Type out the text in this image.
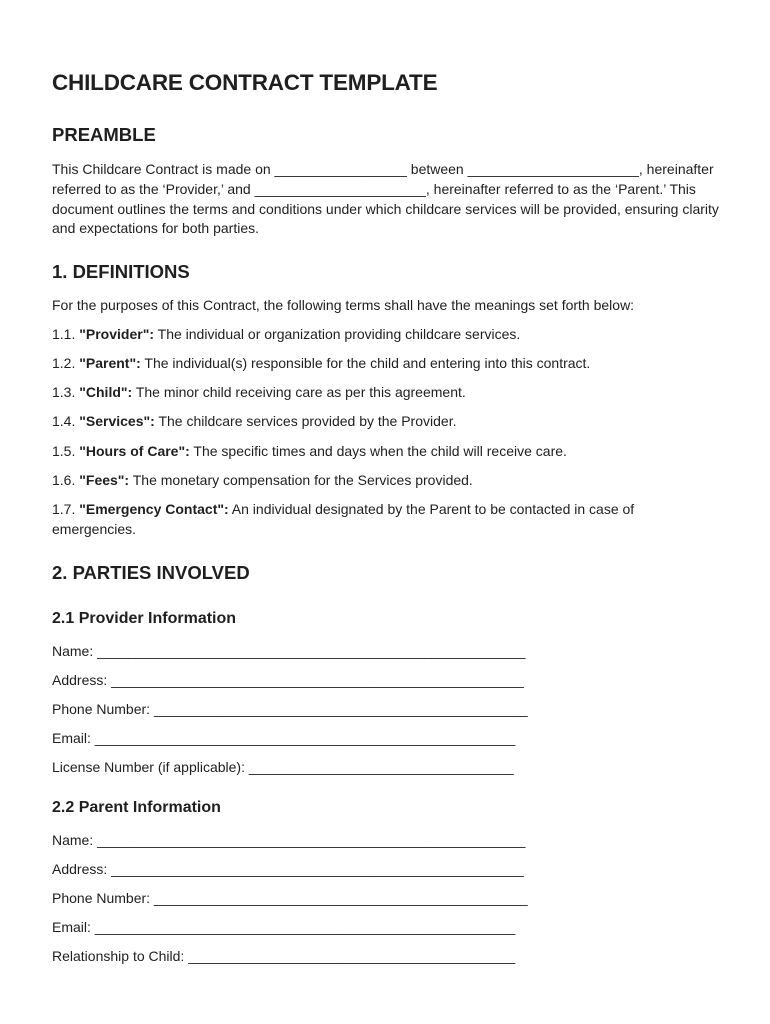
CHILDCARE CONTRACT TEMPLATE
PREAMBLE

This Childcare Contract is made on _________________ between ______________________, hereinafter referred to as the ‘Provider,’ and ______________________, hereinafter referred to as the ‘Parent.’ This document outlines the terms and conditions under which childcare services will be provided, ensuring clarity and expectations for both parties.

1. DEFINITIONS

For the purposes of this Contract, the following terms shall have the meanings set forth below:

1.1. "Provider": The individual or organization providing childcare services.

1.2. "Parent": The individual(s) responsible for the child and entering into this contract.

1.3. "Child": The minor child receiving care as per this agreement.

1.4. "Services": The childcare services provided by the Provider.

1.5. "Hours of Care": The specific times and days when the child will receive care.

1.6. "Fees": The monetary compensation for the Services provided.

1.7. "Emergency Contact": An individual designated by the Parent to be contacted in case of emergencies.

2. PARTIES INVOLVED
2.1 Provider Information

Name: _______________________________________________________

Address: _____________________________________________________

Phone Number: ________________________________________________

Email: ______________________________________________________

License Number (if applicable): __________________________________

2.2 Parent Information

Name: _______________________________________________________

Address: _____________________________________________________

Phone Number: ________________________________________________

Email: ______________________________________________________

Relationship to Child: __________________________________________
